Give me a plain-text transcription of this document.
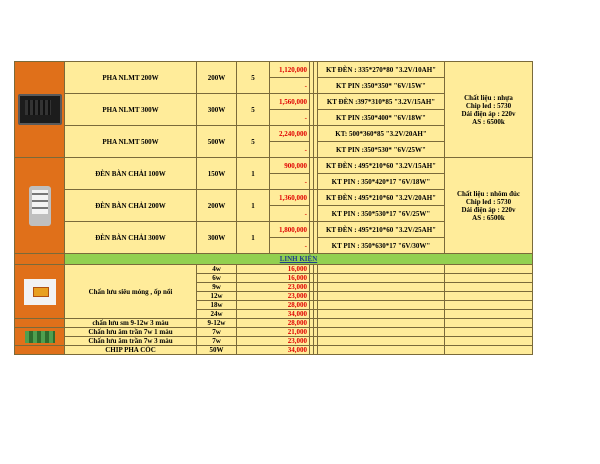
	PHA NLMT 200W	200W	5	1,120,000			KT ĐÈN : 335*270*80 "3.2V/10AH"	Chất liệu : nhựa
Chip led : 5730
Dải điện áp : 220v
AS : 6500k

				-			KT PIN :350*350* "6V/15W"	
	PHA NLMT 300W	300W	5	1,560,000			KT ĐÈN :397*310*85 "3.2V/15AH"	
				-			KT PIN :350*400* "6V/18W"	
	PHA NLMT 500W	500W	5	2,240,000			KT: 500*360*85 "3.2V/20AH"	
				-			KT PIN :350*530* "6V/25W"	

	ĐÈN BÀN CHẢI 100W	150W	1	900,000			KT ĐÈN : 495*210*60 "3.2V/15AH"	Chất liệu : nhôm đúc
Chip led : 5730
Dải điện áp : 220v
AS : 6500k

				-			KT PIN : 350*420*17 "6V/18W"	
	ĐÈN BÀN CHẢI 200W	200W	1	1,360,000			KT ĐÈN : 495*210*60 "3.2V/20AH"	
				-			KT PIN : 350*530*17 "6V/25W"	
	ĐÈN BÀN CHẢI 300W	300W	1	1,800,000			KT ĐÈN : 495*210*60 "3.2V/25AH"	
				-			KT PIN : 350*630*17 "6V/30W"	
	LINH KIỆN							

	Chấn lưu siêu mỏng , ốp nổi	4w	16,000					
		6w	16,000					
		9w	23,000					
		12w	23,000					
		18w	28,000					
		24w	34,000					
	chấn lưu sm 9-12w 3 màu	9-12w	28,000					

	Chấn lưu âm trần 7w 1 màu	7w	21,000					
	Chấn lưu âm trần 7w 3 màu	7w	23,000					
	CHIP PHA CÓC	50W	34,000					
